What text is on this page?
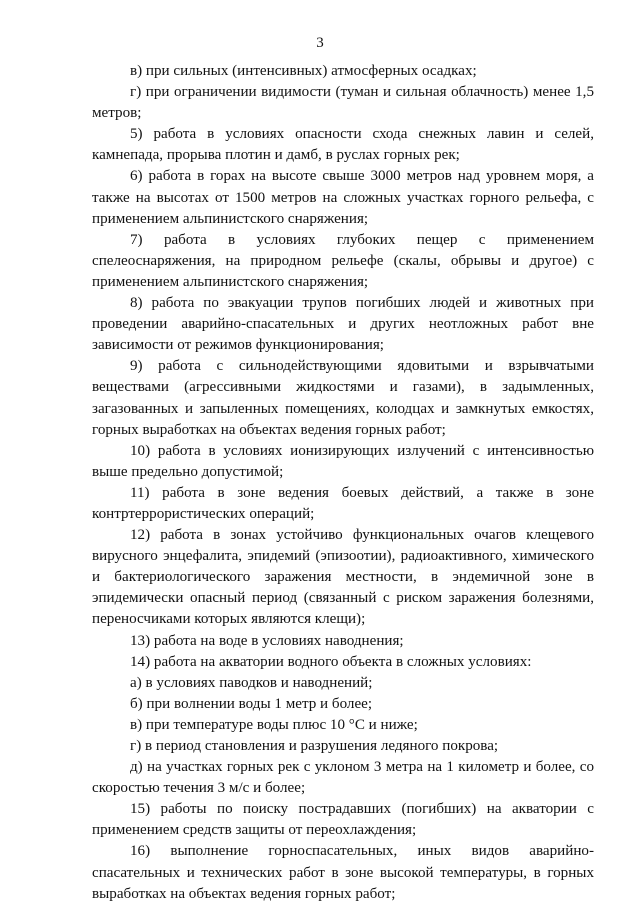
3

в) при сильных (интенсивных) атмосферных осадках;

г) при ограничении видимости (туман и сильная облачность) менее 1,5 метров;

5) работа в условиях опасности схода снежных лавин и селей, камнепада, прорыва плотин и дамб, в руслах горных рек;

6) работа в горах на высоте свыше 3000 метров над уровнем моря, а также на высотах от 1500 метров на сложных участках горного рельефа, с применением альпинистского снаряжения;

7) работа в условиях глубоких пещер с применением спелеоснаряжения, на природном рельефе (скалы, обрывы и другое) с применением альпинистского снаряжения;

8) работа по эвакуации трупов погибших людей и животных при проведении аварийно-спасательных и других неотложных работ вне зависимости от режимов функционирования;

9) работа с сильнодействующими ядовитыми и взрывчатыми веществами (агрессивными жидкостями и газами), в задымленных, загазованных и запыленных помещениях, колодцах и замкнутых емкостях, горных выработках на объектах ведения горных работ;

10) работа в условиях ионизирующих излучений с интенсивностью выше предельно допустимой;

11) работа в зоне ведения боевых действий, а также в зоне контртеррористических операций;

12) работа в зонах устойчиво функциональных очагов клещевого вирусного энцефалита, эпидемий (эпизоотии), радиоактивного, химического и бактериологического заражения местности, в эндемичной зоне в эпидемически опасный период (связанный с риском заражения болезнями, переносчиками которых являются клещи);

13) работа на воде в условиях наводнения;

14) работа на акватории водного объекта в сложных условиях:

а) в условиях паводков и наводнений;

б) при волнении воды 1 метр и более;

в) при температуре воды плюс 10 °С и ниже;

г) в период становления и разрушения ледяного покрова;

д) на участках горных рек с уклоном 3 метра на 1 километр и более, со скоростью течения 3 м/с и более;

15) работы по поиску пострадавших (погибших) на акватории с применением средств защиты от переохлаждения;

16) выполнение горноспасательных, иных видов аварийно-спасательных и технических работ в зоне высокой температуры, в горных выработках на объектах ведения горных работ;
